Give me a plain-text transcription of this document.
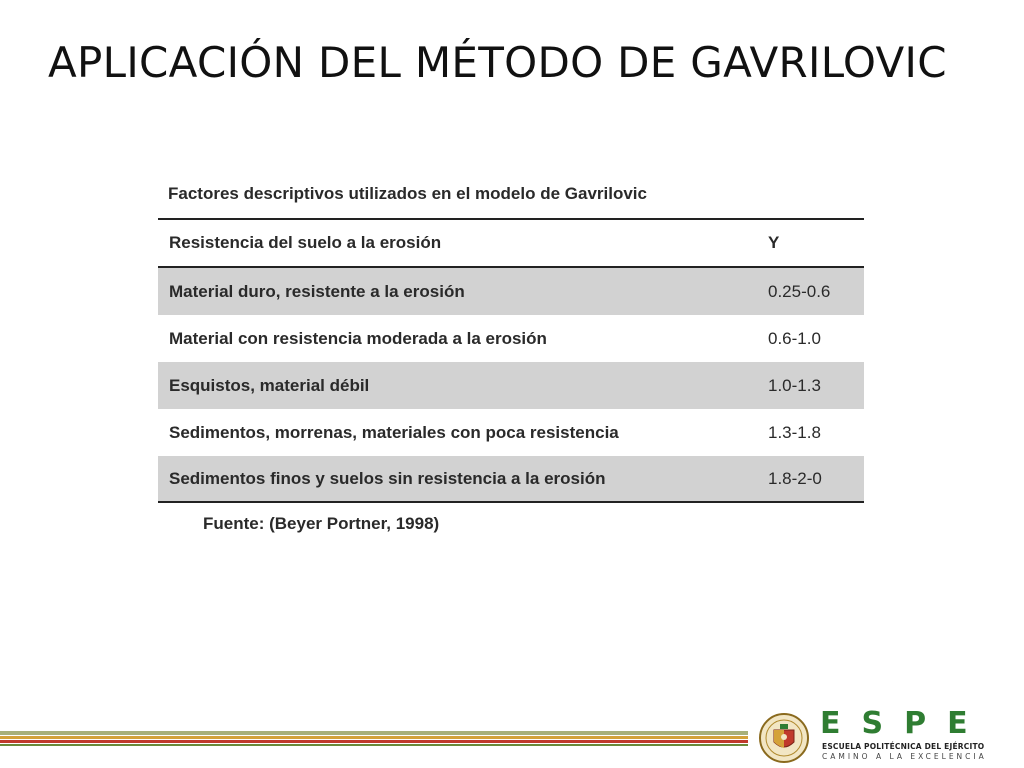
APLICACIÓN DEL MÉTODO DE GAVRILOVIC
Factores descriptivos utilizados en el modelo de Gavrilovic
Resistencia del suelo a la erosión	Y
Material duro, resistente a la erosión	0.25-0.6
Material con resistencia moderada a la erosión	0.6-1.0
Esquistos, material débil	1.0-1.3
Sedimentos, morrenas, materiales con poca resistencia	1.3-1.8
Sedimentos finos y suelos sin resistencia a la erosión	1.8-2-0
Fuente: (Beyer Portner, 1998)
ESPE
ESCUELA POLITÉCNICA DEL EJÉRCITO
CAMINO A LA EXCELENCIA
